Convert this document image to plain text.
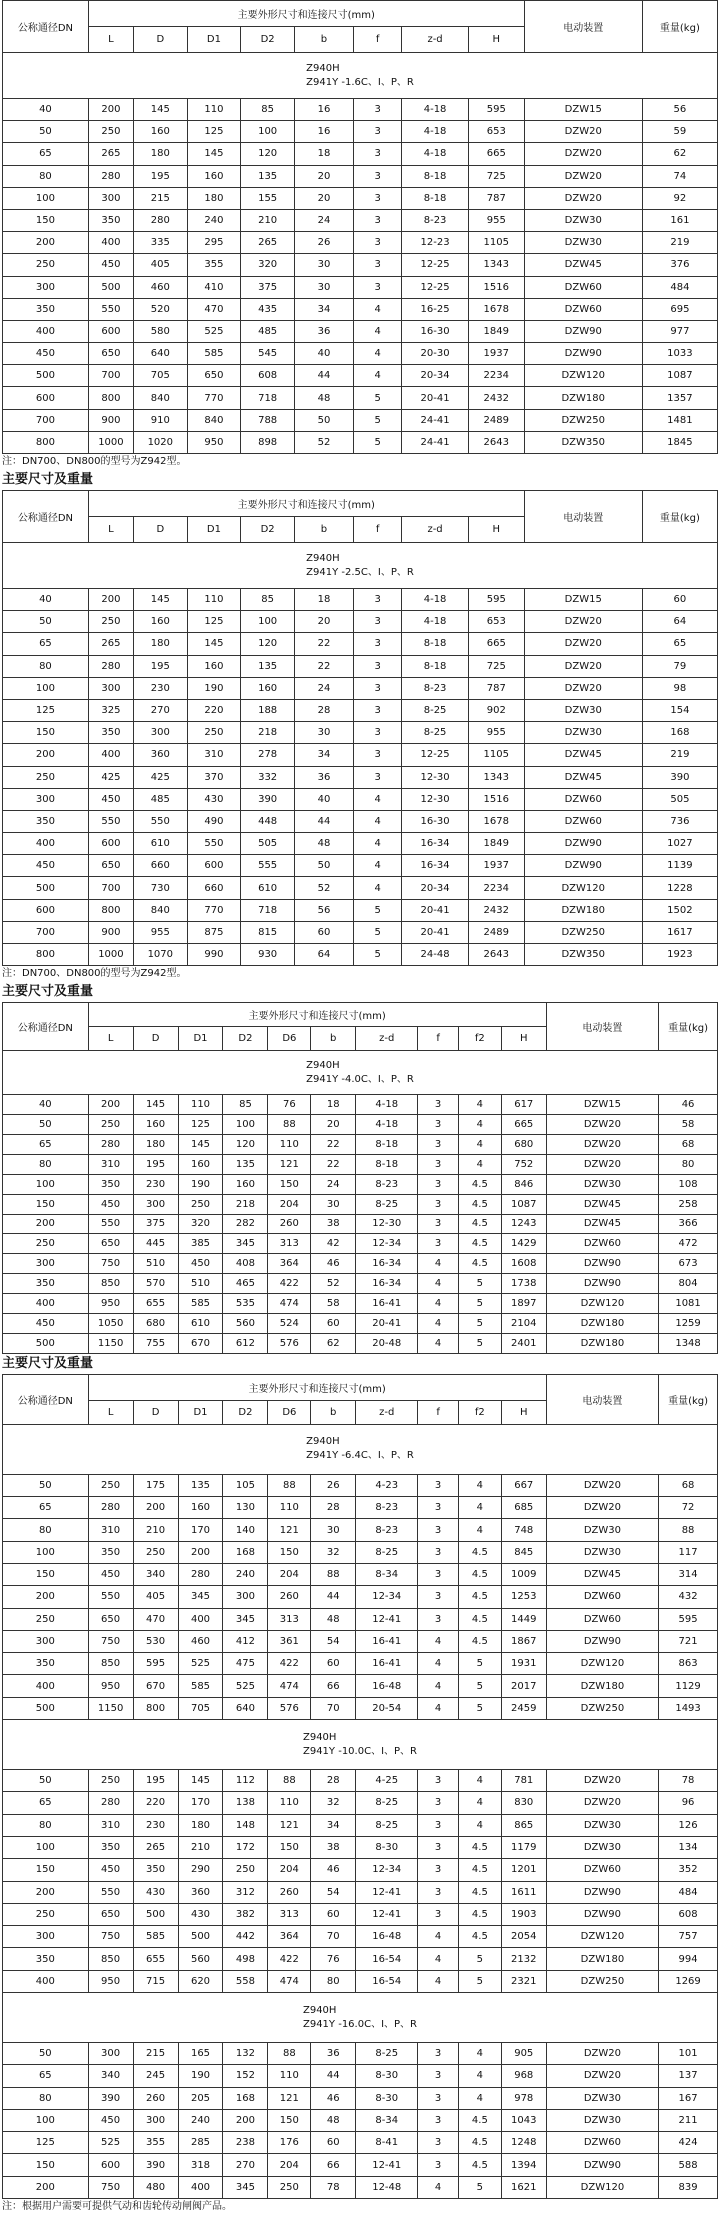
公称通径DN	主要外形尺寸和连接尺寸(mm)								电动装置	重量(kg)
	L	D	D1	D2	b	f	z-d	H		
Z940H
Z941Y -1.6C、I、P、R										

40	200	145	110	85	16	3	4-18	595	DZW15	56
50	250	160	125	100	16	3	4-18	653	DZW20	59
65	265	180	145	120	18	3	4-18	665	DZW20	62
80	280	195	160	135	20	3	8-18	725	DZW20	74
100	300	215	180	155	20	3	8-18	787	DZW20	92
150	350	280	240	210	24	3	8-23	955	DZW30	161
200	400	335	295	265	26	3	12-23	1105	DZW30	219
250	450	405	355	320	30	3	12-25	1343	DZW45	376
300	500	460	410	375	30	3	12-25	1516	DZW60	484
350	550	520	470	435	34	4	16-25	1678	DZW60	695
400	600	580	525	485	36	4	16-30	1849	DZW90	977
450	650	640	585	545	40	4	20-30	1937	DZW90	1033
500	700	705	650	608	44	4	20-34	2234	DZW120	1087
600	800	840	770	718	48	5	20-41	2432	DZW180	1357
700	900	910	840	788	50	5	24-41	2489	DZW250	1481
800	1000	1020	950	898	52	5	24-41	2643	DZW350	1845
注：DN700、DN800的型号为Z942型。
主要尺寸及重量
公称通径DN	主要外形尺寸和连接尺寸(mm)								电动装置	重量(kg)
	L	D	D1	D2	b	f	z-d	H		
Z940H
Z941Y -2.5C、I、P、R										

40	200	145	110	85	18	3	4-18	595	DZW15	60
50	250	160	125	100	20	3	4-18	653	DZW20	64
65	265	180	145	120	22	3	8-18	665	DZW20	65
80	280	195	160	135	22	3	8-18	725	DZW20	79
100	300	230	190	160	24	3	8-23	787	DZW20	98
125	325	270	220	188	28	3	8-25	902	DZW30	154
150	350	300	250	218	30	3	8-25	955	DZW30	168
200	400	360	310	278	34	3	12-25	1105	DZW45	219
250	425	425	370	332	36	3	12-30	1343	DZW45	390
300	450	485	430	390	40	4	12-30	1516	DZW60	505
350	550	550	490	448	44	4	16-30	1678	DZW60	736
400	600	610	550	505	48	4	16-34	1849	DZW90	1027
450	650	660	600	555	50	4	16-34	1937	DZW90	1139
500	700	730	660	610	52	4	20-34	2234	DZW120	1228
600	800	840	770	718	56	5	20-41	2432	DZW180	1502
700	900	955	875	815	60	5	20-41	2489	DZW250	1617
800	1000	1070	990	930	64	5	24-48	2643	DZW350	1923
注：DN700、DN800的型号为Z942型。
主要尺寸及重量
公称通径DN	主要外形尺寸和连接尺寸(mm)										电动装置	重量(kg)
	L	D	D1	D2	D6	b	z-d	f	f2	H		
Z940H
Z941Y -4.0C、I、P、R												

40	200	145	110	85	76	18	4-18	3	4	617	DZW15	46
50	250	160	125	100	88	20	4-18	3	4	665	DZW20	58
65	280	180	145	120	110	22	8-18	3	4	680	DZW20	68
80	310	195	160	135	121	22	8-18	3	4	752	DZW20	80
100	350	230	190	160	150	24	8-23	3	4.5	846	DZW30	108
150	450	300	250	218	204	30	8-25	3	4.5	1087	DZW45	258
200	550	375	320	282	260	38	12-30	3	4.5	1243	DZW45	366
250	650	445	385	345	313	42	12-34	3	4.5	1429	DZW60	472
300	750	510	450	408	364	46	16-34	4	4.5	1608	DZW90	673
350	850	570	510	465	422	52	16-34	4	5	1738	DZW90	804
400	950	655	585	535	474	58	16-41	4	5	1897	DZW120	1081
450	1050	680	610	560	524	60	20-41	4	5	2104	DZW180	1259
500	1150	755	670	612	576	62	20-48	4	5	2401	DZW180	1348
主要尺寸及重量
公称通径DN	主要外形尺寸和连接尺寸(mm)										电动装置	重量(kg)
	L	D	D1	D2	D6	b	z-d	f	f2	H		
Z940H
Z941Y -6.4C、I、P、R												

50	250	175	135	105	88	26	4-23	3	4	667	DZW20	68
65	280	200	160	130	110	28	8-23	3	4	685	DZW20	72
80	310	210	170	140	121	30	8-23	3	4	748	DZW30	88
100	350	250	200	168	150	32	8-25	3	4.5	845	DZW30	117
150	450	340	280	240	204	88	8-34	3	4.5	1009	DZW45	314
200	550	405	345	300	260	44	12-34	3	4.5	1253	DZW60	432
250	650	470	400	345	313	48	12-41	3	4.5	1449	DZW60	595
300	750	530	460	412	361	54	16-41	4	4.5	1867	DZW90	721
350	850	595	525	475	422	60	16-41	4	5	1931	DZW120	863
400	950	670	585	525	474	66	16-48	4	5	2017	DZW180	1129
500	1150	800	705	640	576	70	20-54	4	5	2459	DZW250	1493
Z940H
Z941Y -10.0C、I、P、R												

50	250	195	145	112	88	28	4-25	3	4	781	DZW20	78
65	280	220	170	138	110	32	8-25	3	4	830	DZW20	96
80	310	230	180	148	121	34	8-25	3	4	865	DZW30	126
100	350	265	210	172	150	38	8-30	3	4.5	1179	DZW30	134
150	450	350	290	250	204	46	12-34	3	4.5	1201	DZW60	352
200	550	430	360	312	260	54	12-41	3	4.5	1611	DZW90	484
250	650	500	430	382	313	60	12-41	3	4.5	1903	DZW90	608
300	750	585	500	442	364	70	16-48	4	4.5	2054	DZW120	757
350	850	655	560	498	422	76	16-54	4	5	2132	DZW180	994
400	950	715	620	558	474	80	16-54	4	5	2321	DZW250	1269
Z940H
Z941Y -16.0C、I、P、R												

50	300	215	165	132	88	36	8-25	3	4	905	DZW20	101
65	340	245	190	152	110	44	8-30	3	4	968	DZW20	137
80	390	260	205	168	121	46	8-30	3	4	978	DZW30	167
100	450	300	240	200	150	48	8-34	3	4.5	1043	DZW30	211
125	525	355	285	238	176	60	8-41	3	4.5	1248	DZW60	424
150	600	390	318	270	204	66	12-41	3	4.5	1394	DZW90	588
200	750	480	400	345	250	78	12-48	4	5	1621	DZW120	839
注：根据用户需要可提供气动和齿轮传动闸阀产品。
